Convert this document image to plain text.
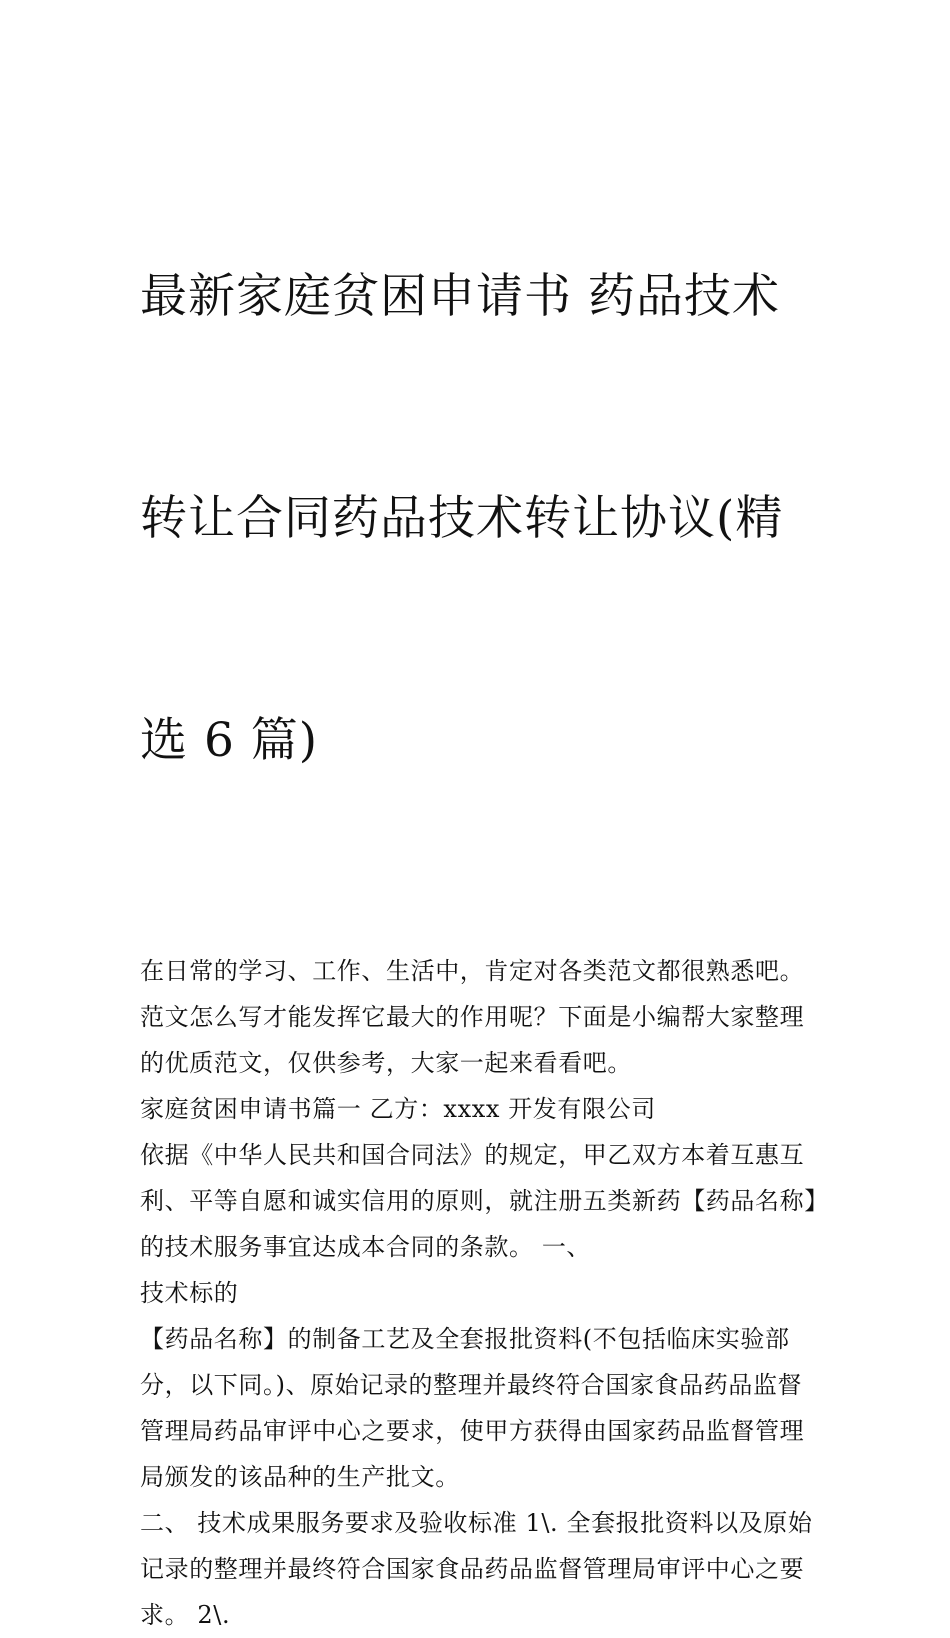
最新家庭贫困申请书 药品技术

转让合同药品技术转让协议(精

选 6 篇)

在日常的学习、工作、生活中，肯定对各类范文都很熟悉吧。范文怎么写才能发挥它最大的作用呢？下面是小编帮大家整理的优质范文，仅供参考，大家一起来看看吧。

家庭贫困申请书篇一 乙方：xxxx 开发有限公司

依据《中华人民共和国合同法》的规定，甲乙双方本着互惠互利、平等自愿和诚实信用的原则，就注册五类新药【药品名称】的技术服务事宜达成本合同的条款。 一、

技术标的

【药品名称】的制备工艺及全套报批资料(不包括临床实验部分，以下同。)、原始记录的整理并最终符合国家食品药品监督管理局药品审评中心之要求，使甲方获得由国家药品监督管理局颁发的该品种的生产批文。

二、 技术成果服务要求及验收标准 1\. 全套报批资料以及原始记录的整理并最终符合国家食品药品监督管理局审评中心之要求。 2\.
